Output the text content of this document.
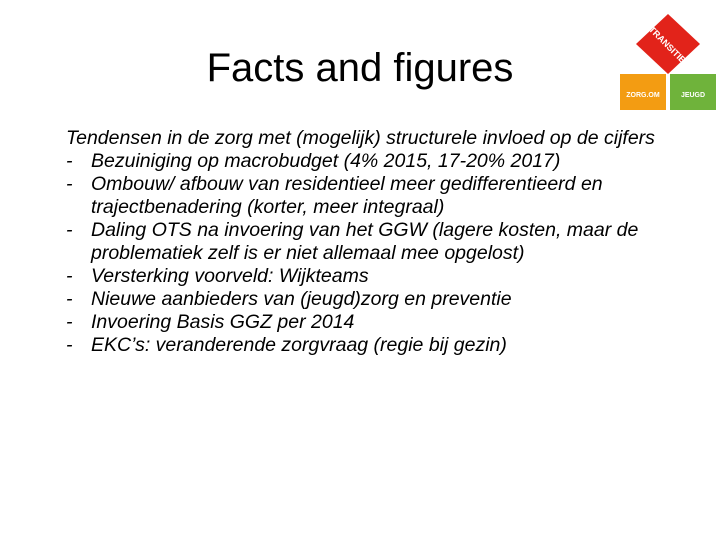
Facts and figures
TRANSITIE
ZORG.OM	JEUGD
Tendensen in de zorg met (mogelijk) structurele invloed op de cijfers
- Bezuiniging op macrobudget (4% 2015, 17-20% 2017)
- Ombouw/ afbouw van residentieel meer gedifferentieerd en trajectbenadering (korter, meer integraal)
- Daling OTS na invoering van het GGW (lagere kosten, maar de problematiek zelf is er niet allemaal mee opgelost)
- Versterking voorveld: Wijkteams
- Nieuwe aanbieders van (jeugd)zorg en preventie
- Invoering Basis GGZ per 2014
- EKC’s: veranderende zorgvraag (regie bij gezin)
